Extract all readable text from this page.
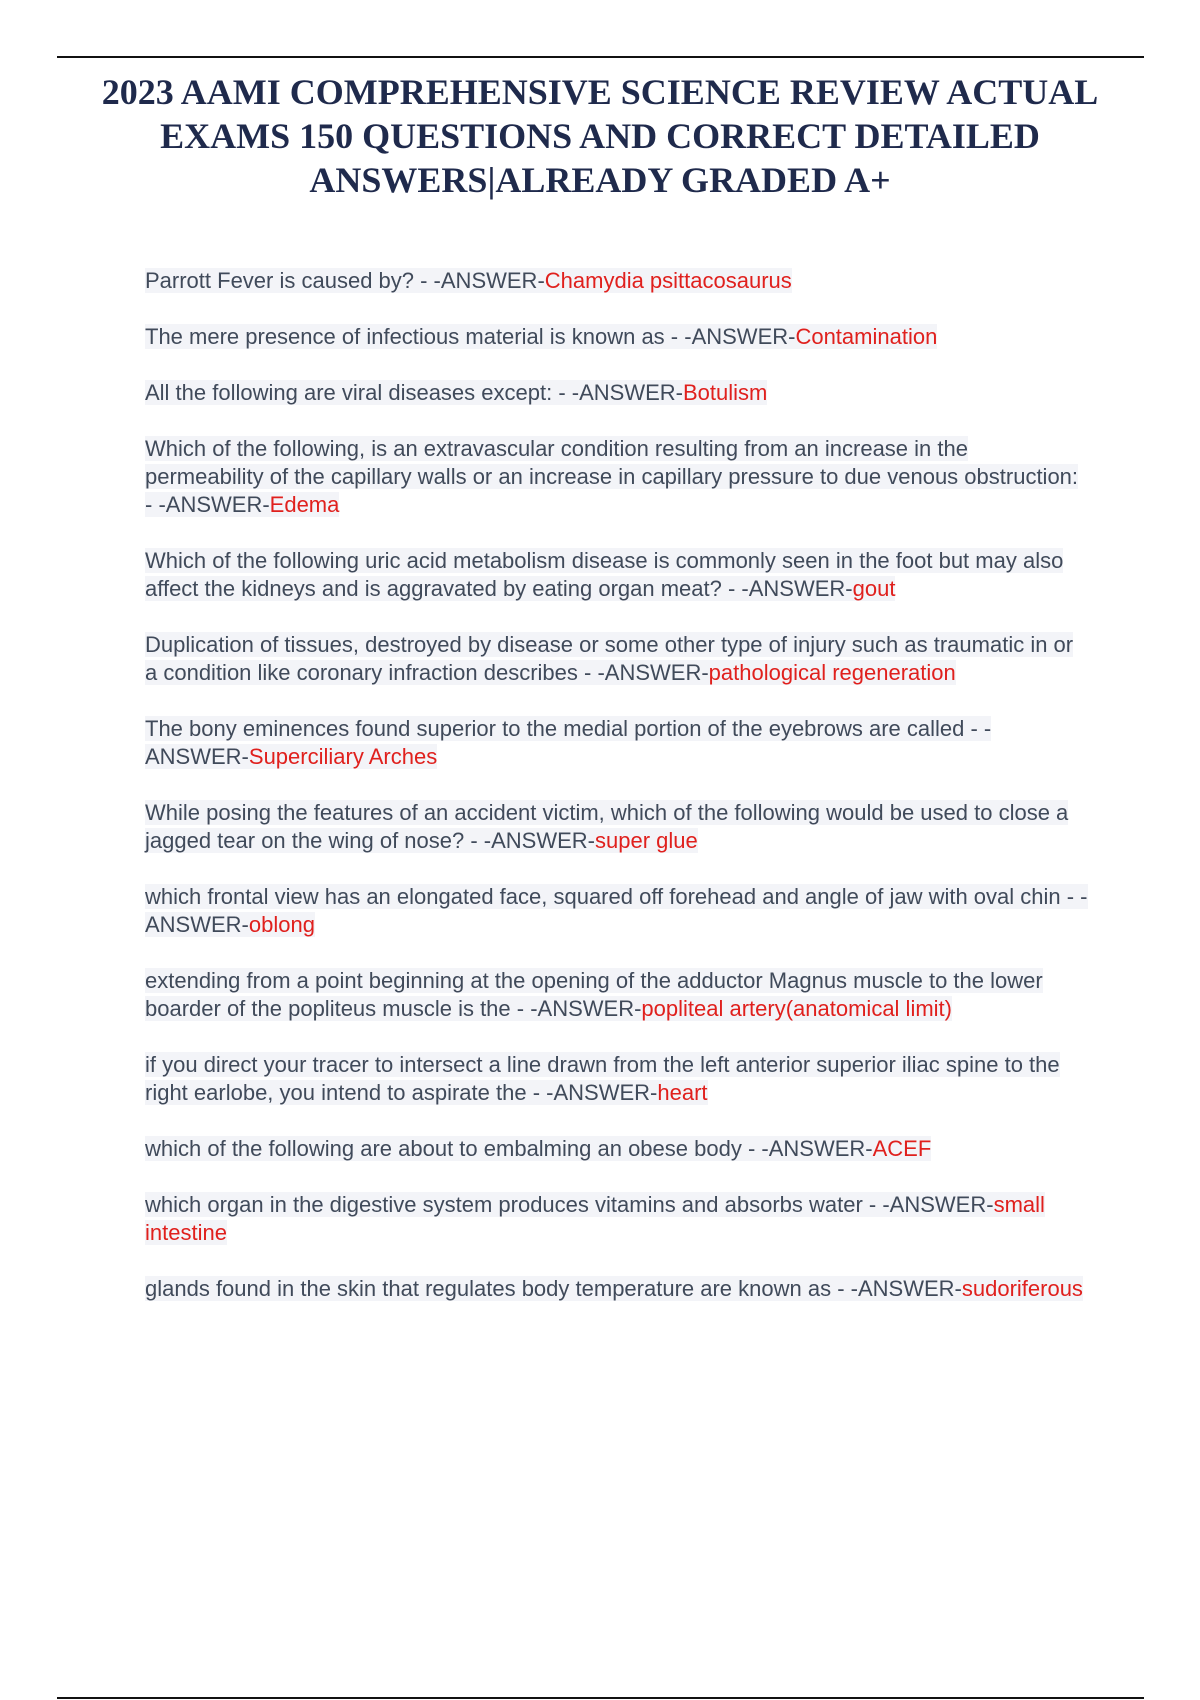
2023 AAMI COMPREHENSIVE SCIENCE REVIEW ACTUAL EXAMS 150 QUESTIONS AND CORRECT DETAILED ANSWERS|ALREADY GRADED A+
Parrott Fever is caused by? - -ANSWER-Chamydia psittacosaurus
The mere presence of infectious material is known as - -ANSWER-Contamination
All the following are viral diseases except: - -ANSWER-Botulism
Which of the following, is an extravascular condition resulting from an increase in the permeability of the capillary walls or an increase in capillary pressure to due venous obstruction: - -ANSWER-Edema
Which of the following uric acid metabolism disease is commonly seen in the foot but may also affect the kidneys and is aggravated by eating organ meat? - -ANSWER-gout
Duplication of tissues, destroyed by disease or some other type of injury such as traumatic in or a condition like coronary infraction describes - -ANSWER-pathological regeneration
The bony eminences found superior to the medial portion of the eyebrows are called - -ANSWER-Superciliary Arches
While posing the features of an accident victim, which of the following would be used to close a jagged tear on the wing of nose? - -ANSWER-super glue
which frontal view has an elongated face, squared off forehead and angle of jaw with oval chin - -ANSWER-oblong
extending from a point beginning at the opening of the adductor Magnus muscle to the lower boarder of the popliteus muscle is the - -ANSWER-popliteal artery(anatomical limit)
if you direct your tracer to intersect a line drawn from the left anterior superior iliac spine to the right earlobe, you intend to aspirate the - -ANSWER-heart
which of the following are about to embalming an obese body - -ANSWER-ACEF
which organ in the digestive system produces vitamins and absorbs water - -ANSWER-small intestine
glands found in the skin that regulates body temperature are known as - -ANSWER-sudoriferous
